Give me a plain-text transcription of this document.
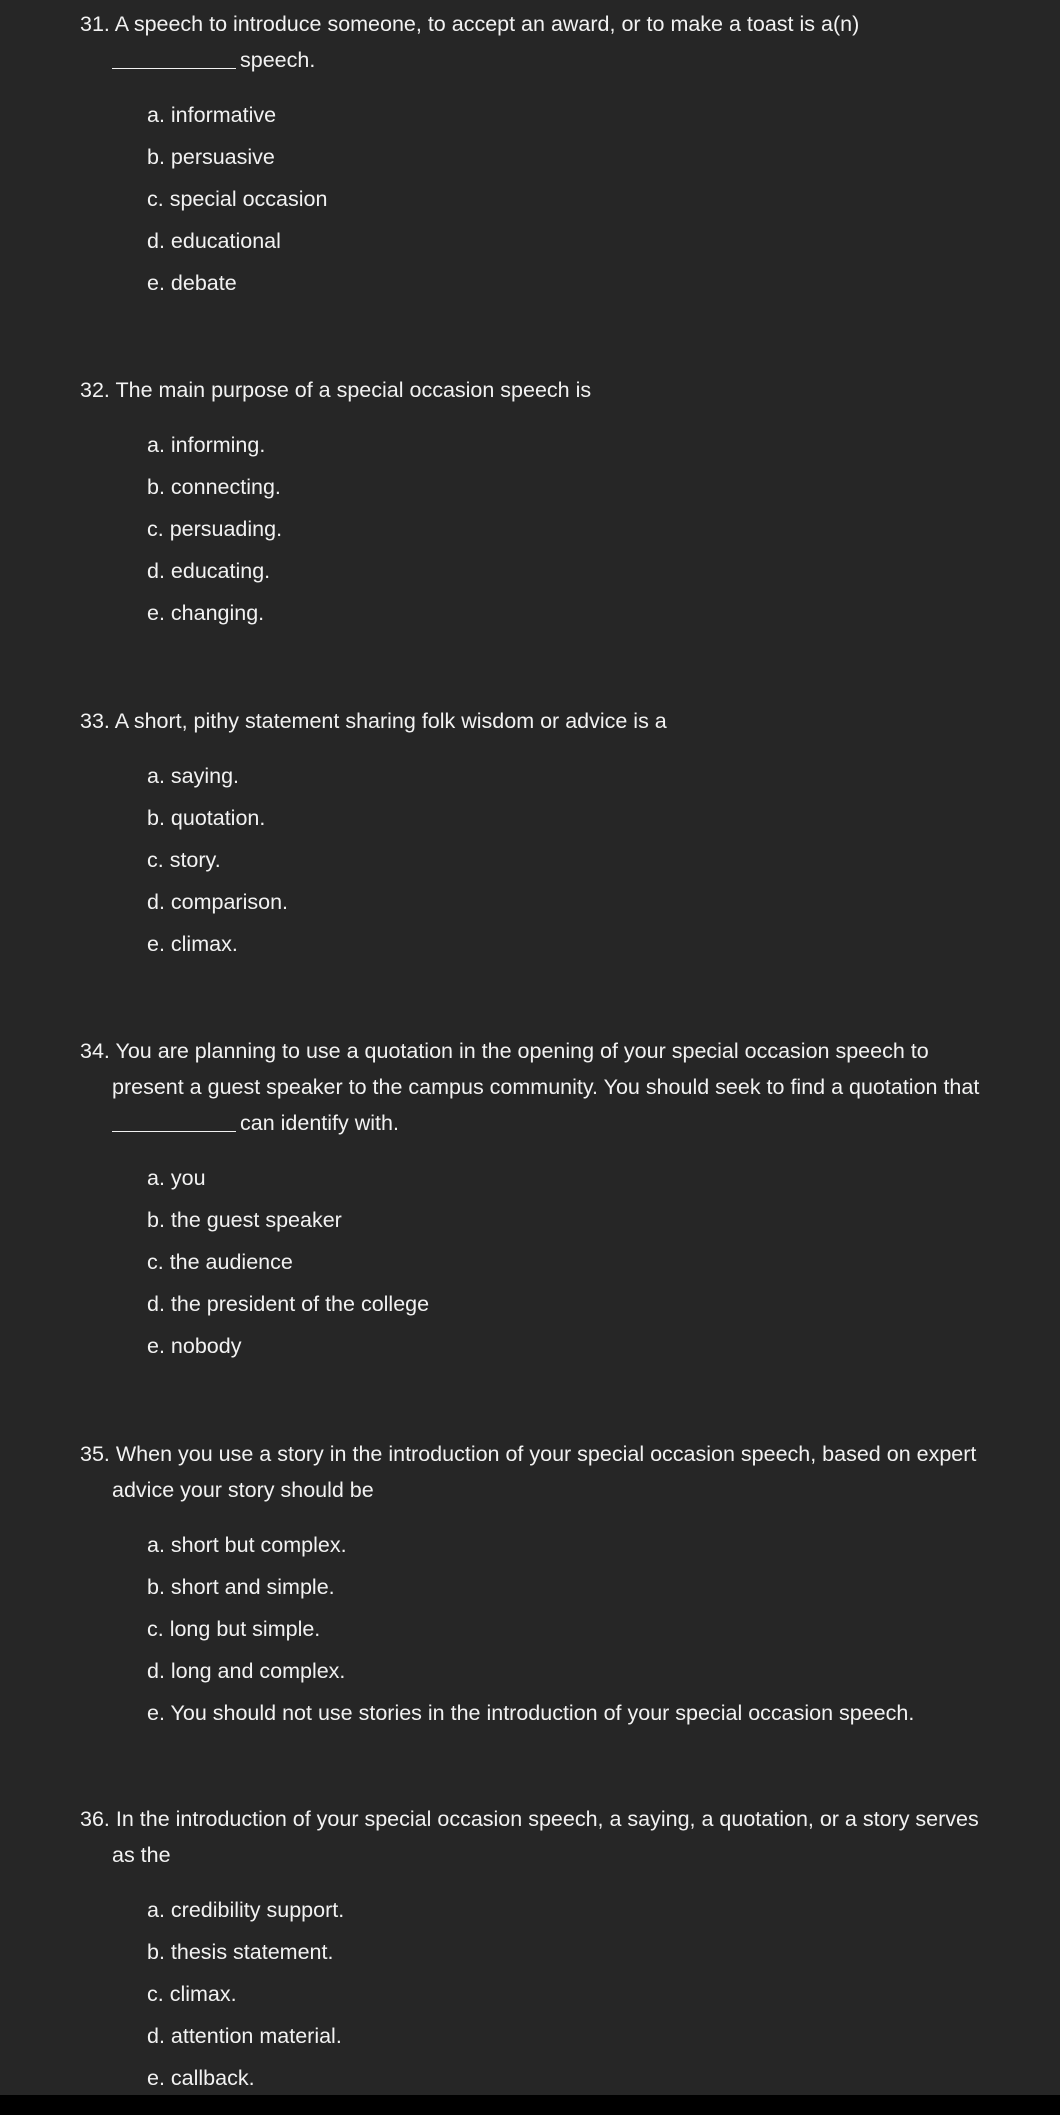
31. A speech to introduce someone, to accept an award, or to make a toast is a(n)
speech.

a. informative
b. persuasive
c. special occasion
d. educational
e. debate

32. The main purpose of a special occasion speech is

a. informing.
b. connecting.
c. persuading.
d. educating.
e. changing.

33. A short, pithy statement sharing folk wisdom or advice is a

a. saying.
b. quotation.
c. story.
d. comparison.
e. climax.

34. You are planning to use a quotation in the opening of your special occasion speech to present a guest speaker to the campus community. You should seek to find a quotation that can identify with.

a. you
b. the guest speaker
c. the audience
d. the president of the college
e. nobody

35. When you use a story in the introduction of your special occasion speech, based on expert advice your story should be

a. short but complex.
b. short and simple.
c. long but simple.
d. long and complex.
e. You should not use stories in the introduction of your special occasion speech.

36. In the introduction of your special occasion speech, a saying, a quotation, or a story serves as the

a. credibility support.
b. thesis statement.
c. climax.
d. attention material.
e. callback.
